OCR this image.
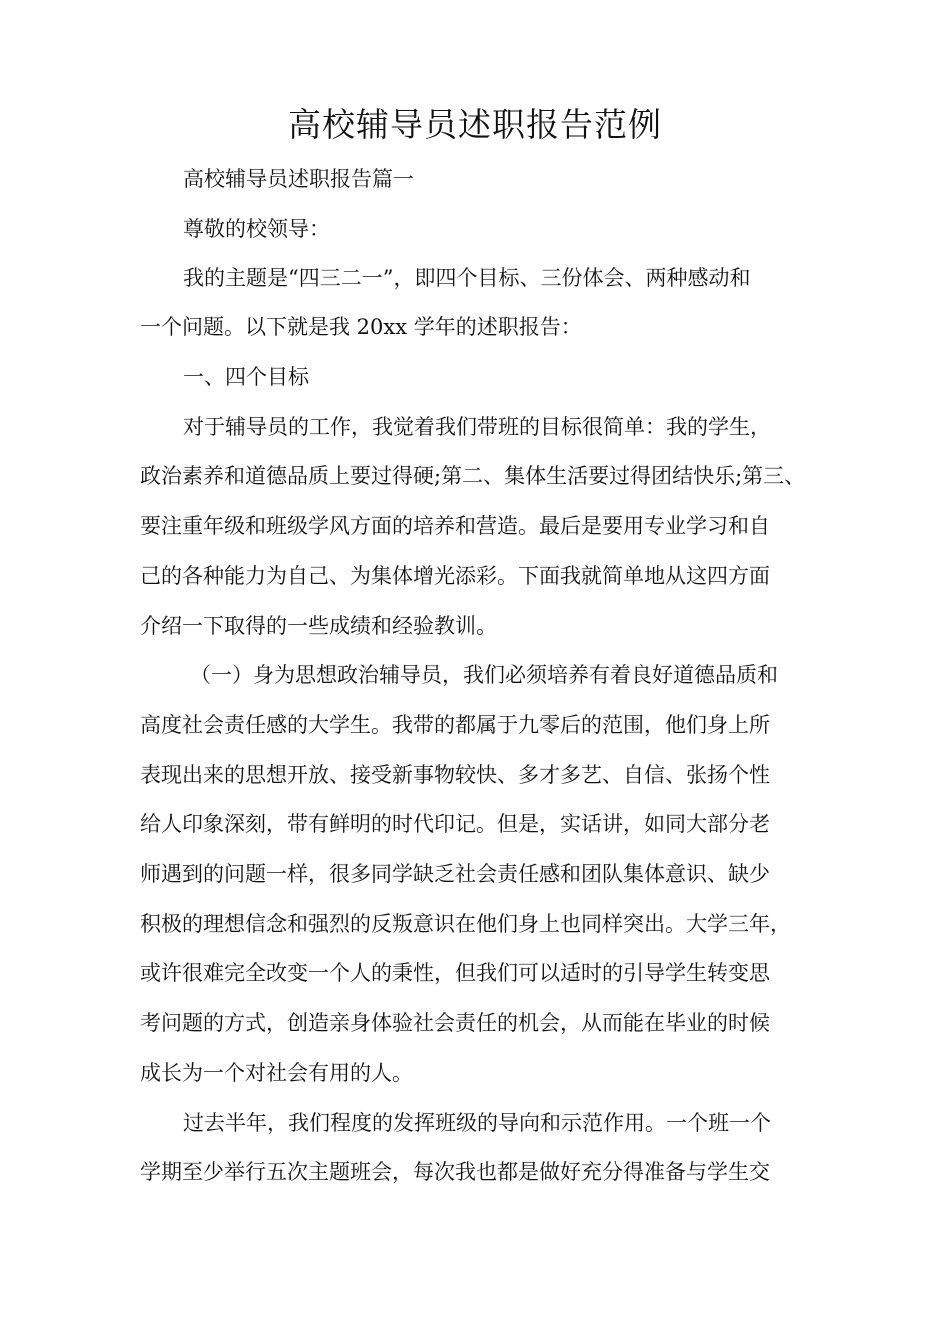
高校辅导员述职报告范例

高校辅导员述职报告篇一

尊敬的校领导：

我的主题是“四三二一”，即四个目标、三份体会、两种感动和

一个问题。以下就是我 20xx 学年的述职报告：

一、四个目标

对于辅导员的工作，我觉着我们带班的目标很简单：我的学生，

政治素养和道德品质上要过得硬;第二、集体生活要过得团结快乐;第三、

要注重年级和班级学风方面的培养和营造。最后是要用专业学习和自

己的各种能力为自己、为集体增光添彩。下面我就简单地从这四方面

介绍一下取得的一些成绩和经验教训。

（一）身为思想政治辅导员，我们必须培养有着良好道德品质和

高度社会责任感的大学生。我带的都属于九零后的范围，他们身上所

表现出来的思想开放、接受新事物较快、多才多艺、自信、张扬个性

给人印象深刻，带有鲜明的时代印记。但是，实话讲，如同大部分老

师遇到的问题一样，很多同学缺乏社会责任感和团队集体意识、缺少

积极的理想信念和强烈的反叛意识在他们身上也同样突出。大学三年，

或许很难完全改变一个人的秉性，但我们可以适时的引导学生转变思

考问题的方式，创造亲身体验社会责任的机会，从而能在毕业的时候

成长为一个对社会有用的人。

过去半年，我们程度的发挥班级的导向和示范作用。一个班一个

学期至少举行五次主题班会，每次我也都是做好充分得准备与学生交
